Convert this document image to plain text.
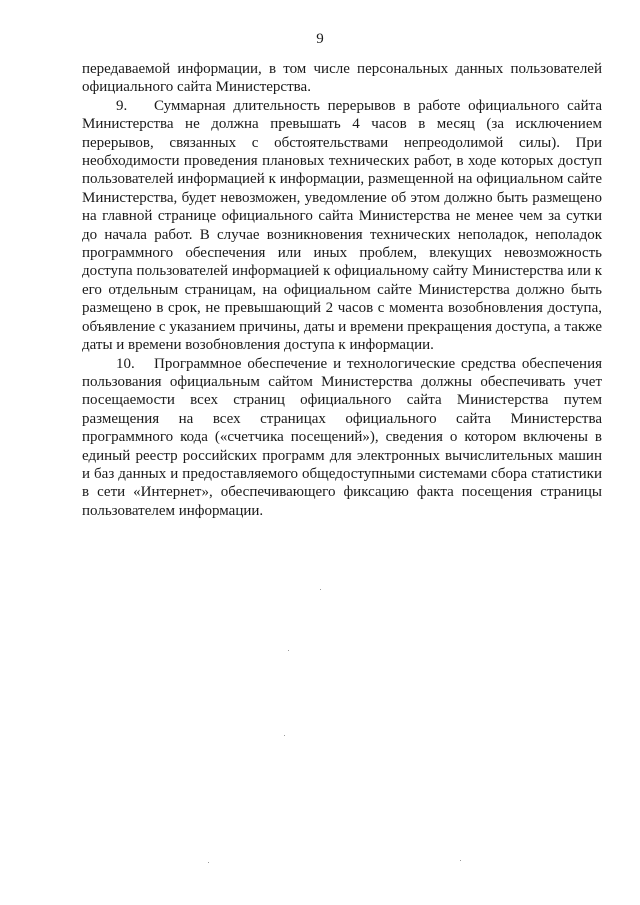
9

передаваемой информации, в том числе персональных данных пользователей официального сайта Министерства.

9. Суммарная длительность перерывов в работе официального сайта Министерства не должна превышать 4 часов в месяц (за исключением перерывов, связанных с обстоятельствами непреодолимой силы). При необходимости проведения плановых технических работ, в ходе которых доступ пользователей информацией к информации, размещенной на официальном сайте Министерства, будет невозможен, уведомление об этом должно быть размещено на главной странице официального сайта Министерства не менее чем за сутки до начала работ. В случае возникновения технических неполадок, неполадок программного обеспечения или иных проблем, влекущих невозможность доступа пользователей информацией к официальному сайту Министерства или к его отдельным страницам, на официальном сайте Министерства должно быть размещено в срок, не превышающий 2 часов с момента возобновления доступа, объявление с указанием причины, даты и времени прекращения доступа, а также даты и времени возобновления доступа к информации.

10. Программное обеспечение и технологические средства обеспечения пользования официальным сайтом Министерства должны обеспечивать учет посещаемости всех страниц официального сайта Министерства путем размещения на всех страницах официального сайта Министерства программного кода («счетчика посещений»), сведения о котором включены в единый реестр российских программ для электронных вычислительных машин и баз данных и предоставляемого общедоступными системами сбора статистики в сети «Интернет», обеспечивающего фиксацию факта посещения страницы пользователем информации.
